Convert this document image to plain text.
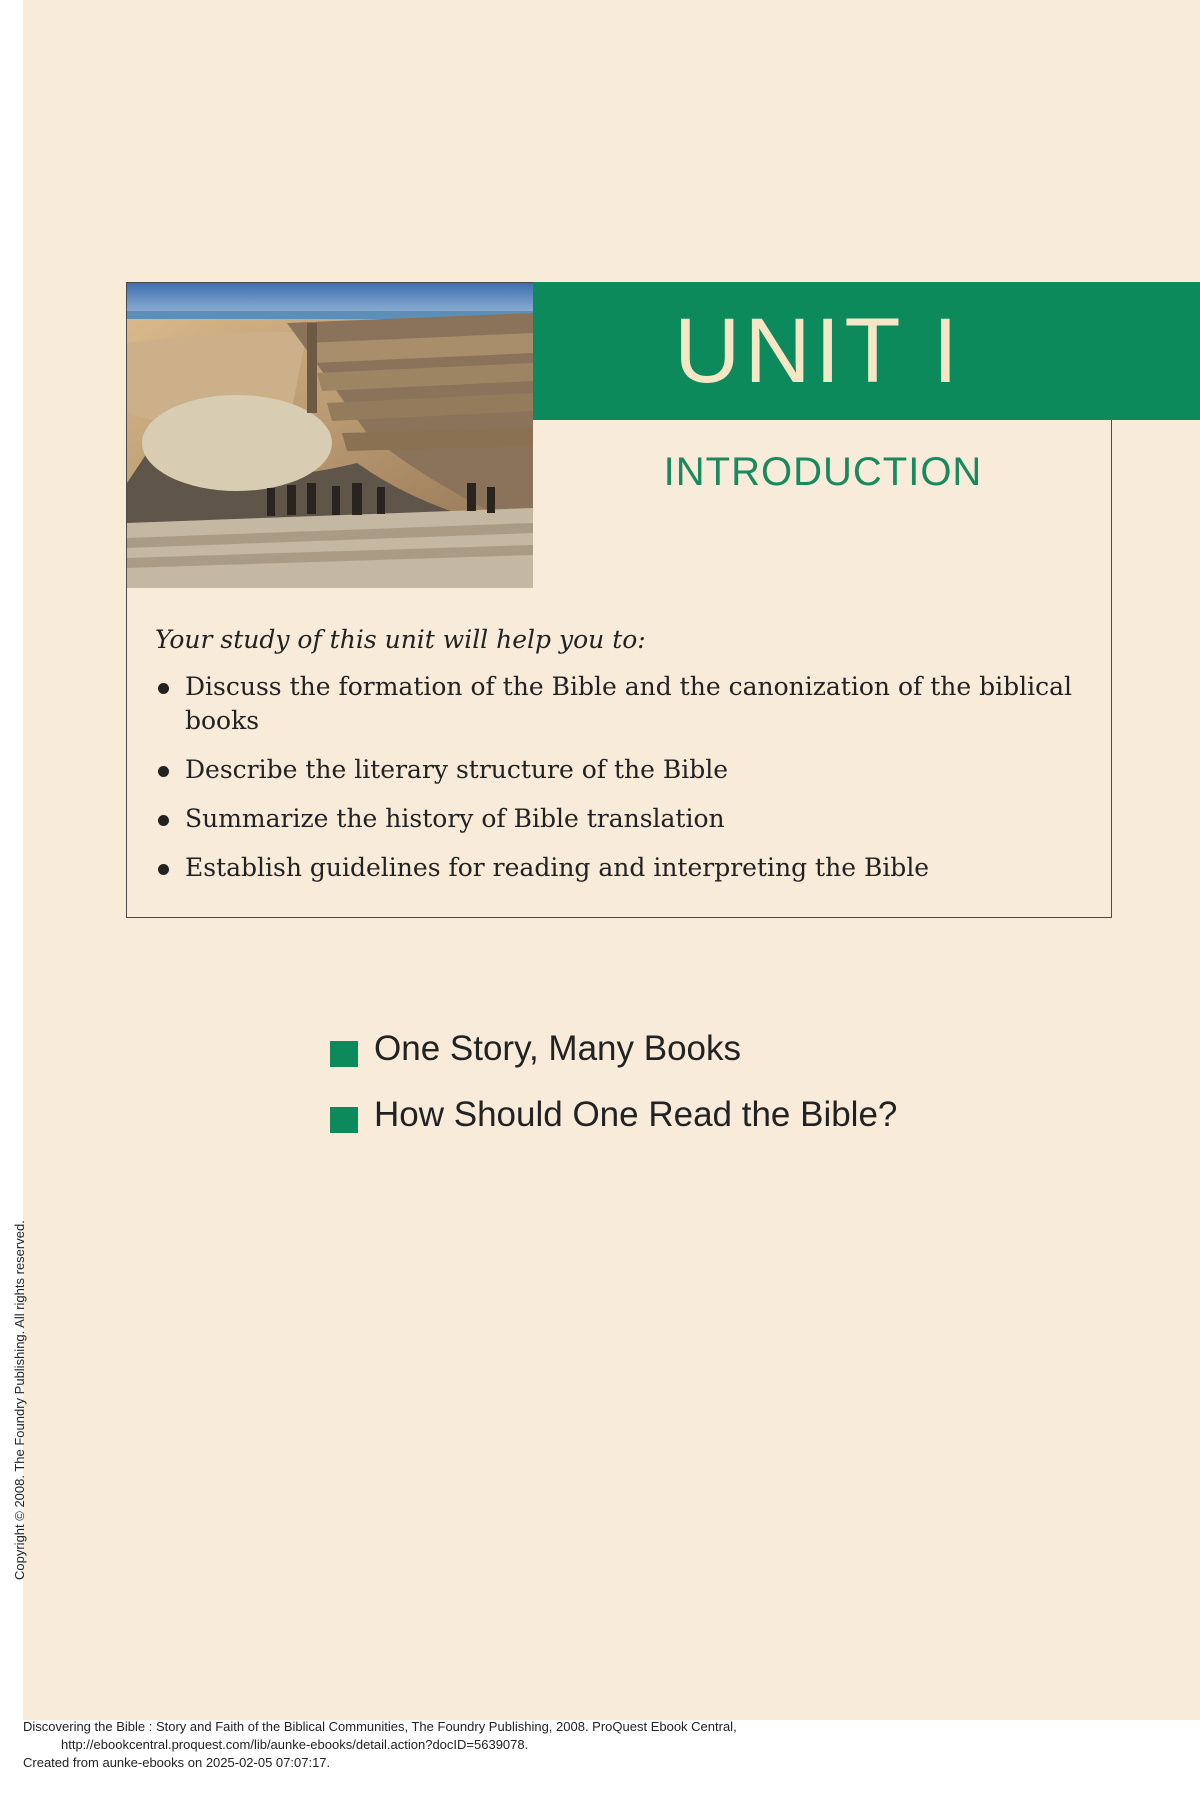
UNIT I
INTRODUCTION
Your study of this unit will help you to:
Discuss the formation of the Bible and the canonization of the biblical books
Describe the literary structure of the Bible
Summarize the history of Bible translation
Establish guidelines for reading and interpreting the Bible
One Story, Many Books
How Should One Read the Bible?
Copyright © 2008. The Foundry Publishing. All rights reserved.
Discovering the Bible : Story and Faith of the Biblical Communities, The Foundry Publishing, 2008. ProQuest Ebook Central,
http://ebookcentral.proquest.com/lib/aunke-ebooks/detail.action?docID=5639078.
Created from aunke-ebooks on 2025-02-05 07:07:17.
